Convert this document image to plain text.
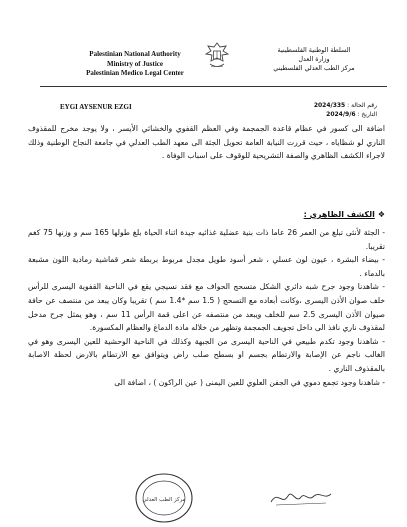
Palestinian National Authority
Ministry of Justice
Palestinian Medico Legal Center
السلطة الوطنية الفلسطينية
وزارة العدل
مركز الطب العدلي الفلسطيني
EYGI AYSENUR EZGI	رقم الحالة : 2024/335
التاريخ : 2024/9/6
اضافة الى كسور في عظام قاعدة الجمجمة وفي العظم القفوي والخشائي الأيسر ، ولا يوجد مخرج للمقذوف الناري لو شظاياه ، حيث قررت النيابة العامة تحويل الجثة الى معهد الطب العدلي في جامعة النجاح الوطنية وذلك لاجراء الكشف الظاهري والصفة التشريحية للوقوف على اسباب الوفاة .
❖الكشف الظاهري :

- الجثة لأنثى تبلغ من العمر 26 عاما ذات بنية عضلية غذائيه جيدة اثناء الحياة بلغ طولها 165 سم و وزنها 75 كغم تقريبا.

- بيضاء البشرة ، عيون لون عسلي ، شعر أسود طويل مجدل مربوط بربطة شعر قماشية رمادية اللون مشبعة بالدماء .

- شاهدنا وجود جرح شبه دائري الشكل متسحج الحواف مع فقد نسيجي يقع في الناحية القفوية اليسرى للرأس خلف صوان الأذن اليسرى ،وكانت أبعاده مع التسحج ( 1.5 سم *1.4 سم ) تقريبا وكان يبعد من منتصف عن حافة صيوان الأذن اليسرى 2.5 سم للخلف ويبعد من منتصفه عن اعلى قمة الرأس 11 سم ، وهو يمثل جرح مدخل لمقذوف ناري نافذ الى داخل تجويف الجمجمة وتظهر من خلاله مادة الدماغ والعظام المكسورة.

- شاهدنا وجود تكدم طبيعي في الناحية اليسرى من الجبهة وكذلك في الناحية الوحشية للعين اليسرى وهو في الغالب ناجم عن الإصابة والارتطام بجسم او بسطح صلب راض ويتوافق مع الارتطام بالارض لحظة الاصابة بالمقذوف الناري .

- شاهدنا وجود تجمع دموي في الجفن العلوي للعين اليمنى ( عين الراكون ) ، اضافة الى

مركز الطب العدلي
